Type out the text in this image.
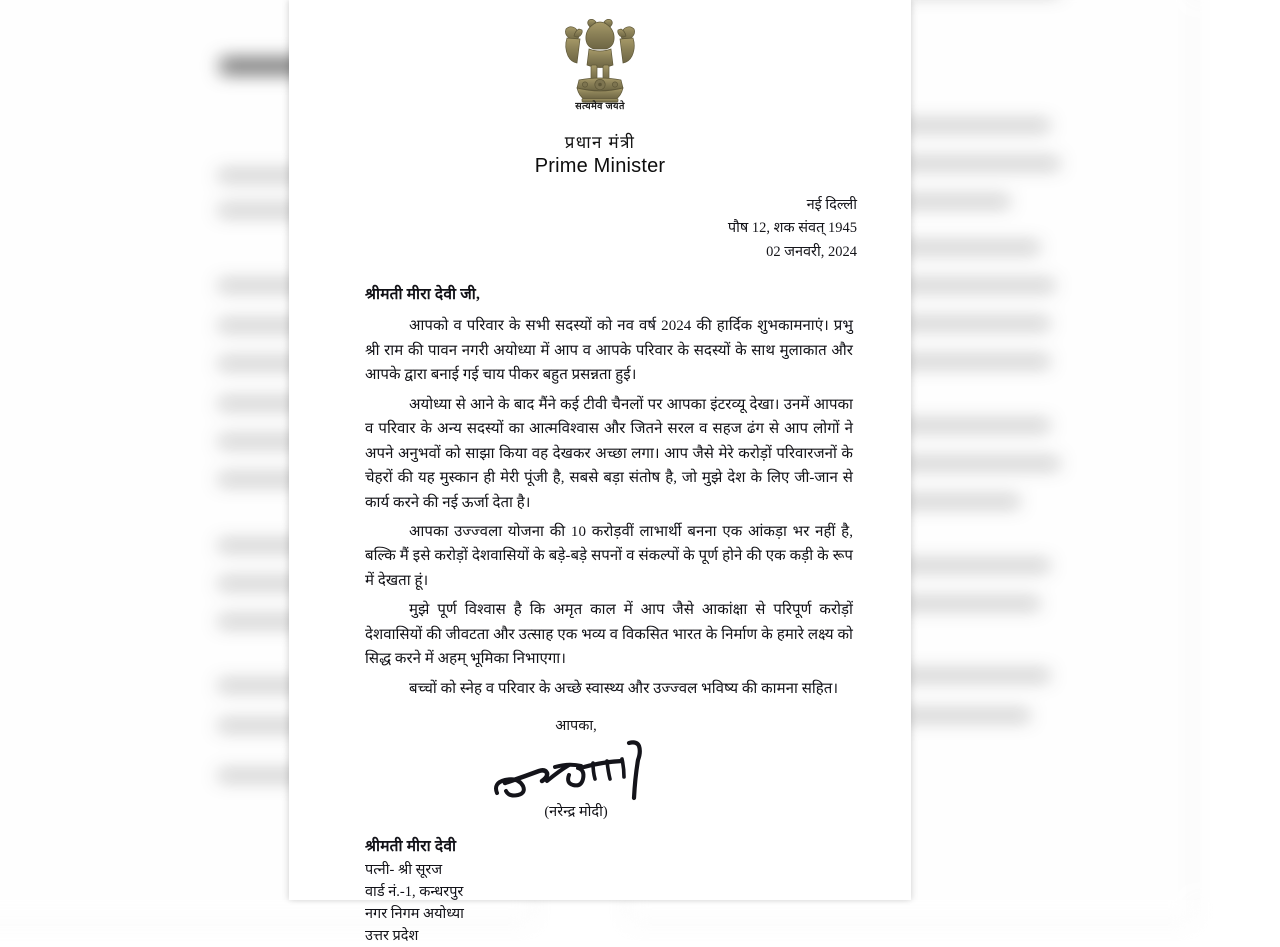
सत्यमेव जयते
प्रधान मंत्री
Prime Minister
नई दिल्ली
पौष 12, शक संवत् 1945
02 जनवरी, 2024
श्रीमती मीरा देवी जी,

आपको व परिवार के सभी सदस्यों को नव वर्ष 2024 की हार्दिक शुभकामनाएं। प्रभु श्री राम की पावन नगरी अयोध्या में आप व आपके परिवार के सदस्यों के साथ मुलाकात और आपके द्वारा बनाई गई चाय पीकर बहुत प्रसन्नता हुई।

अयोध्या से आने के बाद मैंने कई टीवी चैनलों पर आपका इंटरव्यू देखा। उनमें आपका व परिवार के अन्य सदस्यों का आत्मविश्वास और जितने सरल व सहज ढंग से आप लोगों ने अपने अनुभवों को साझा किया वह देखकर अच्छा लगा। आप जैसे मेरे करोड़ों परिवारजनों के चेहरों की यह मुस्कान ही मेरी पूंजी है, सबसे बड़ा संतोष है, जो मुझे देश के लिए जी-जान से कार्य करने की नई ऊर्जा देता है।

आपका उज्ज्वला योजना की 10 करोड़वीं लाभार्थी बनना एक आंकड़ा भर नहीं है, बल्कि मैं इसे करोड़ों देशवासियों के बड़े-बड़े सपनों व संकल्पों के पूर्ण होने की एक कड़ी के रूप में देखता हूं।

मुझे पूर्ण विश्वास है कि अमृत काल में आप जैसे आकांक्षा से परिपूर्ण करोड़ों देशवासियों की जीवटता और उत्साह एक भव्य व विकसित भारत के निर्माण के हमारे लक्ष्य को सिद्ध करने में अहम् भूमिका निभाएगा।

बच्चों को स्नेह व परिवार के अच्छे स्वास्थ्य और उज्ज्वल भविष्य की कामना सहित।

आपका,
(नरेन्द्र मोदी)
श्रीमती मीरा देवी
पत्नी- श्री सूरज
वार्ड नं.-1, कन्धरपुर
नगर निगम अयोध्या
उत्तर प्रदेश
